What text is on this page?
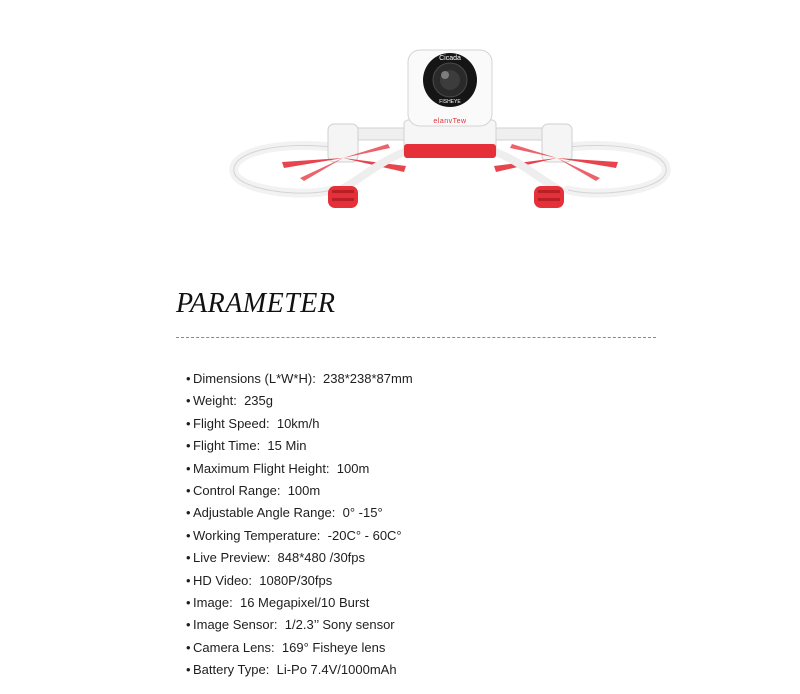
Cicada
FISHEYE
elanvTew
PARAMETER
• Dimensions (L*W*H): 238*238*87mm
• Weight: 235g
• Flight Speed: 10km/h
• Flight Time: 15 Min
• Maximum Flight Height: 100m
• Control Range: 100m
• Adjustable Angle Range: 0° -15°
• Working Temperature: -20C° - 60C°
• Live Preview: 848*480 /30fps
• HD Video: 1080P/30fps
• Image: 16 Megapixel/10 Burst
• Image Sensor: 1/2.3’’ Sony sensor
• Camera Lens: 169° Fisheye lens
• Battery Type: Li-Po 7.4V/1000mAh
